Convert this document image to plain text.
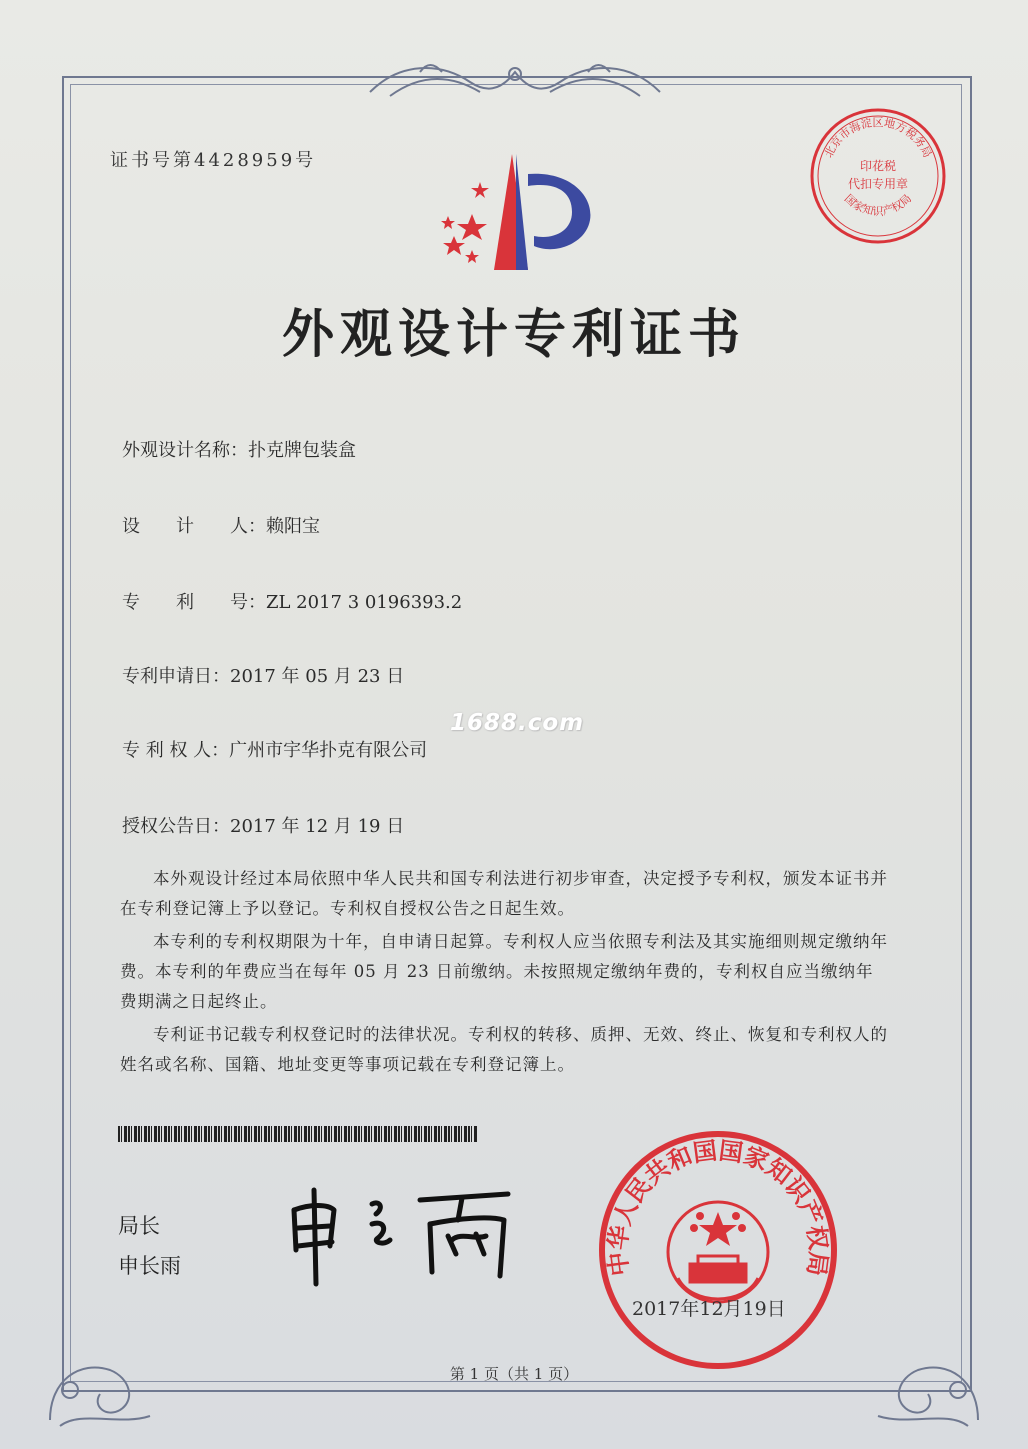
北京市海淀区地方税务局
印花税
代扣专用章
国家知识产权局
证书号第4428959号
外观设计专利证书
外观设计名称：扑克牌包装盒
设　　计　　人：赖阳宝
专　　利　　号：ZL 2017 3 0196393.2
专利申请日：2017 年 05 月 23 日
专 利 权 人：广州市宇华扑克有限公司
授权公告日：2017 年 12 月 19 日
1688.com

本外观设计经过本局依照中华人民共和国专利法进行初步审查，决定授予专利权，颁发本证书并在专利登记簿上予以登记。专利权自授权公告之日起生效。

本专利的专利权期限为十年，自申请日起算。专利权人应当依照专利法及其实施细则规定缴纳年费。本专利的年费应当在每年 05 月 23 日前缴纳。未按照规定缴纳年费的，专利权自应当缴纳年费期满之日起终止。

专利证书记载专利权登记时的法律状况。专利权的转移、质押、无效、终止、恢复和专利权人的姓名或名称、国籍、地址变更等事项记载在专利登记簿上。

局长
申长雨	中华人民共和国国家知识产权局
2017年12月19日
第 1 页（共 1 页）
